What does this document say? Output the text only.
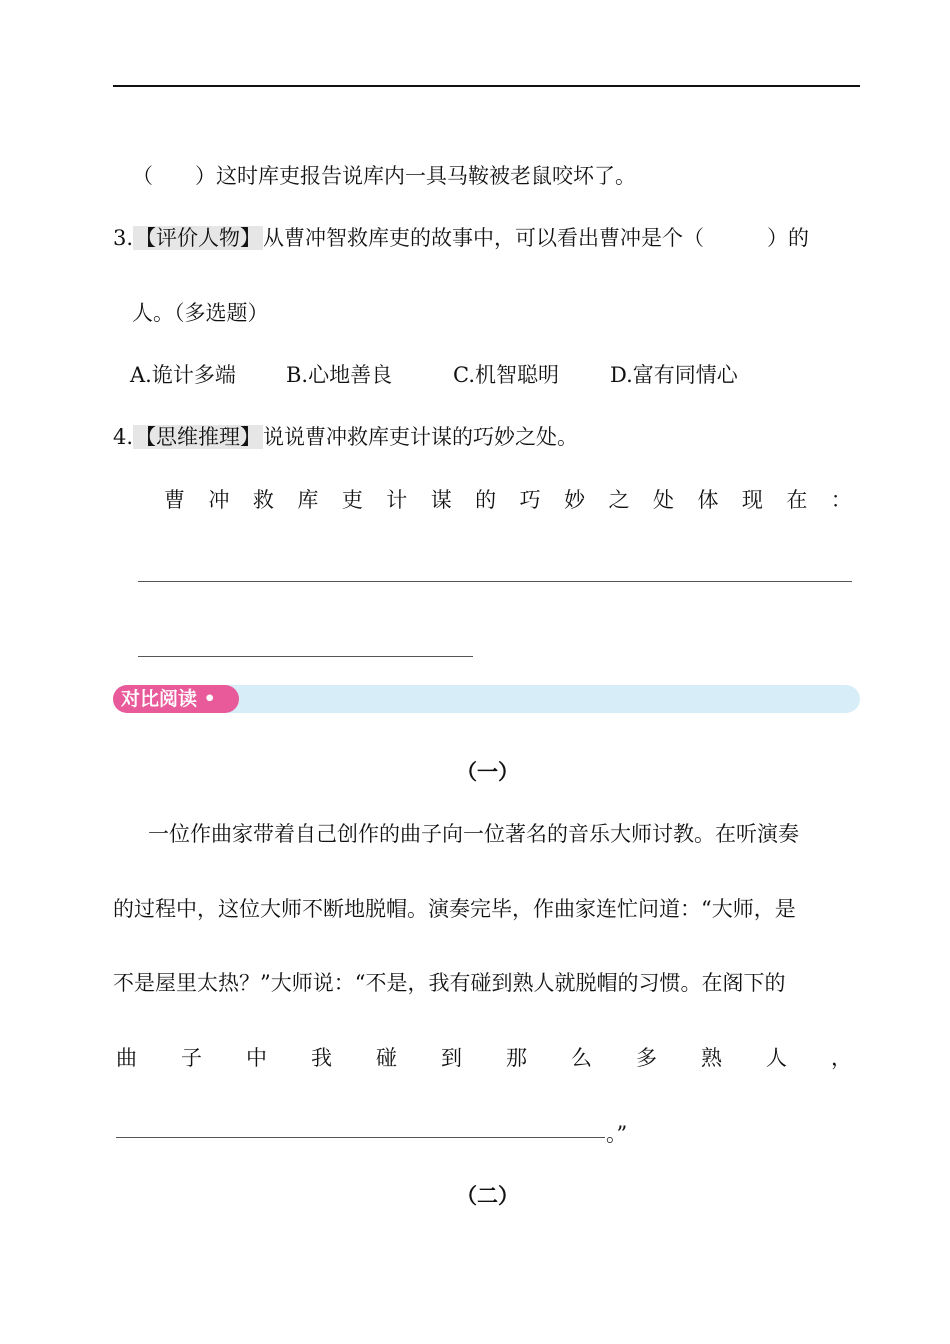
（　　）这时库吏报告说库内一具马鞍被老鼠咬坏了。
3.【评价人物】从曹冲智救库吏的故事中，可以看出曹冲是个（　　　）的
人。（多选题）
A.诡计多端 B.心地善良	C.机智聪明 D.富有同情心
4.【思维推理】说说曹冲救库吏计谋的巧妙之处。
曹 冲 救 库 吏 计 谋 的 巧 妙 之 处 体 现 在 ：
对比阅读 •
（一）
一位作曲家带着自己创作的曲子向一位著名的音乐大师讨教。在听演奏
的过程中，这位大师不断地脱帽。演奏完毕，作曲家连忙问道：“大师，是
不是屋里太热？”大师说：“不是，我有碰到熟人就脱帽的习惯。在阁下的
曲 子 中 我 碰 到 那 么 多 熟 人 ，
。”
（二）
